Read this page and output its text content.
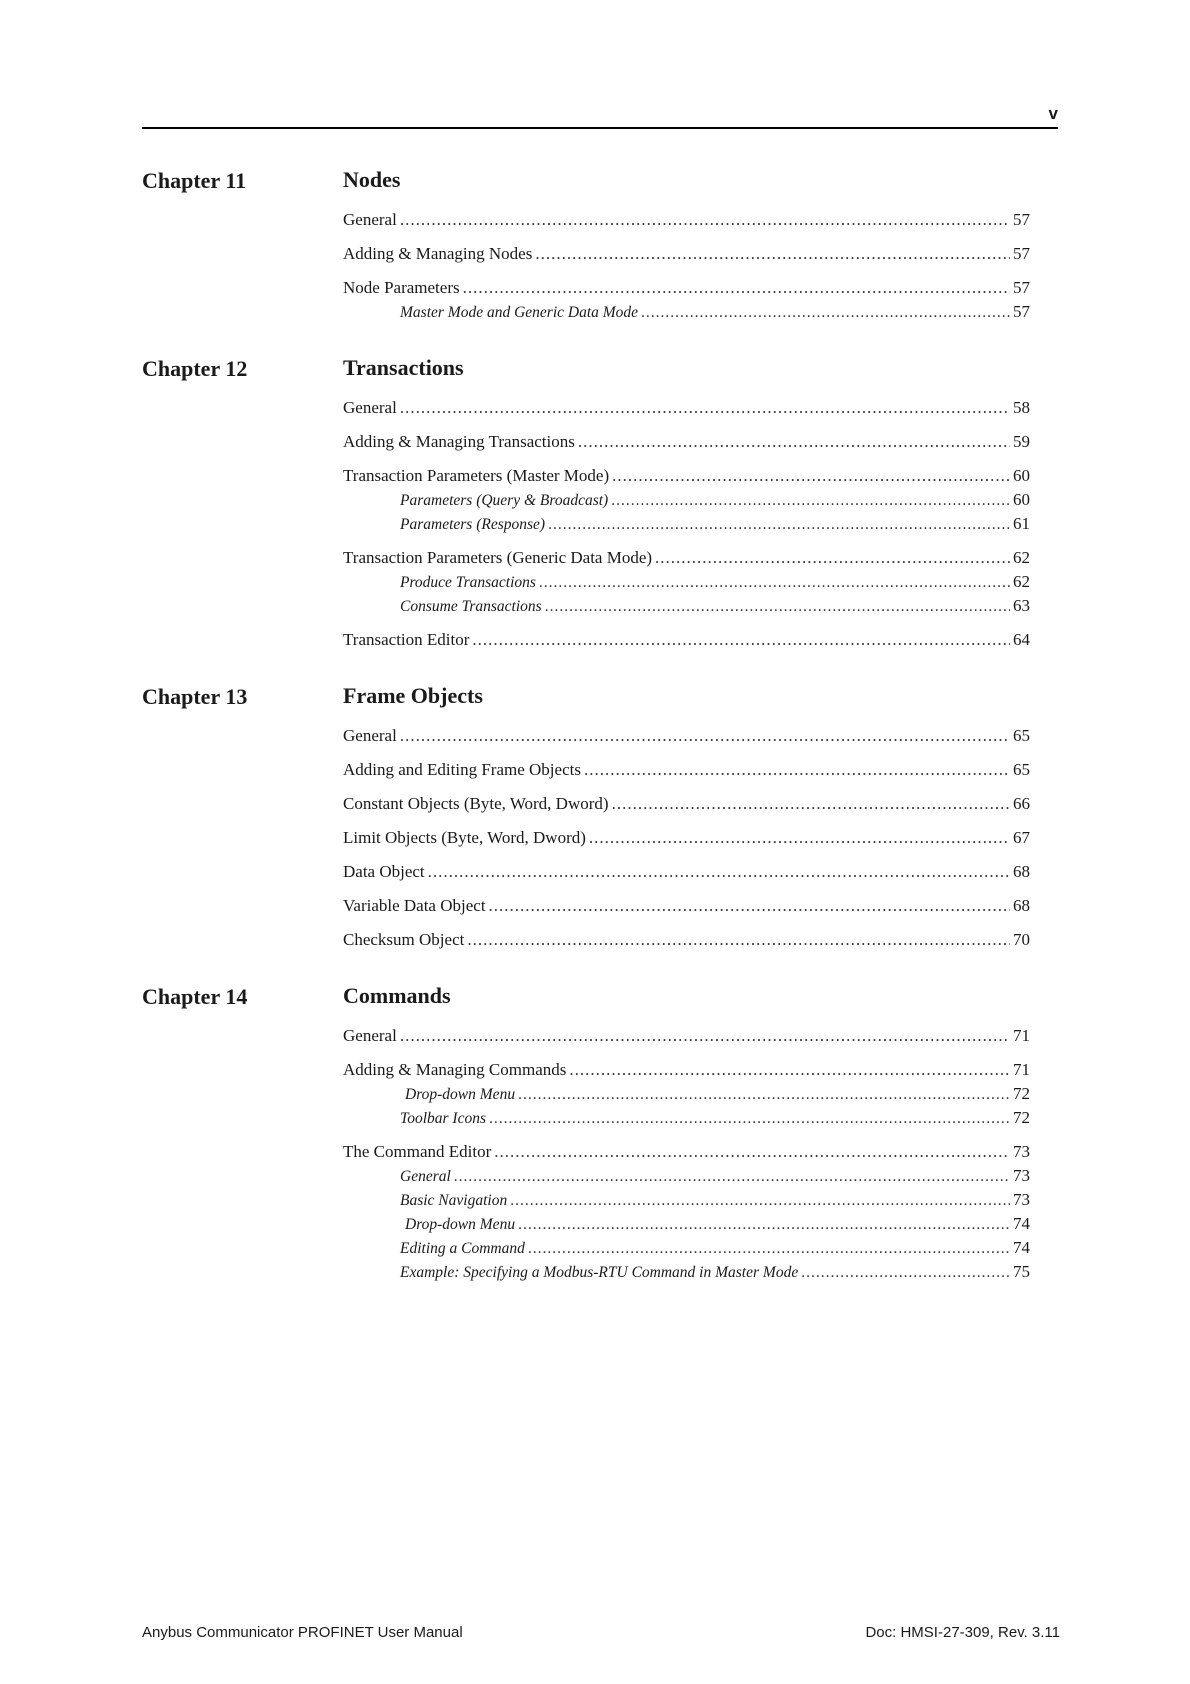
v
Chapter 11	Nodes
General .....	57
Adding & Managing Nodes .....	57
Node Parameters .....	57
Master Mode and Generic Data Mode .....	57
Chapter 12	Transactions
General .....	58
Adding & Managing Transactions .....	59
Transaction Parameters (Master Mode) .....	60
Parameters (Query & Broadcast) .....	60
Parameters (Response) .....	61
Transaction Parameters (Generic Data Mode) .....	62
Produce Transactions .....	62
Consume Transactions .....	63
Transaction Editor .....	64
Chapter 13	Frame Objects
General .....	65
Adding and Editing Frame Objects .....	65
Constant Objects (Byte, Word, Dword) .....	66
Limit Objects (Byte, Word, Dword) .....	67
Data Object .....	68
Variable Data Object .....	68
Checksum Object .....	70
Chapter 14	Commands
General .....	71
Adding & Managing Commands .....	71
Drop-down Menu .....	72
Toolbar Icons .....	72
The Command Editor .....	73
General .....	73
Basic Navigation .....	73
Drop-down Menu .....	74
Editing a Command .....	74
Example: Specifying a Modbus-RTU Command in Master Mode .....	75
Anybus Communicator PROFINET User Manual	Doc: HMSI-27-309, Rev. 3.11
